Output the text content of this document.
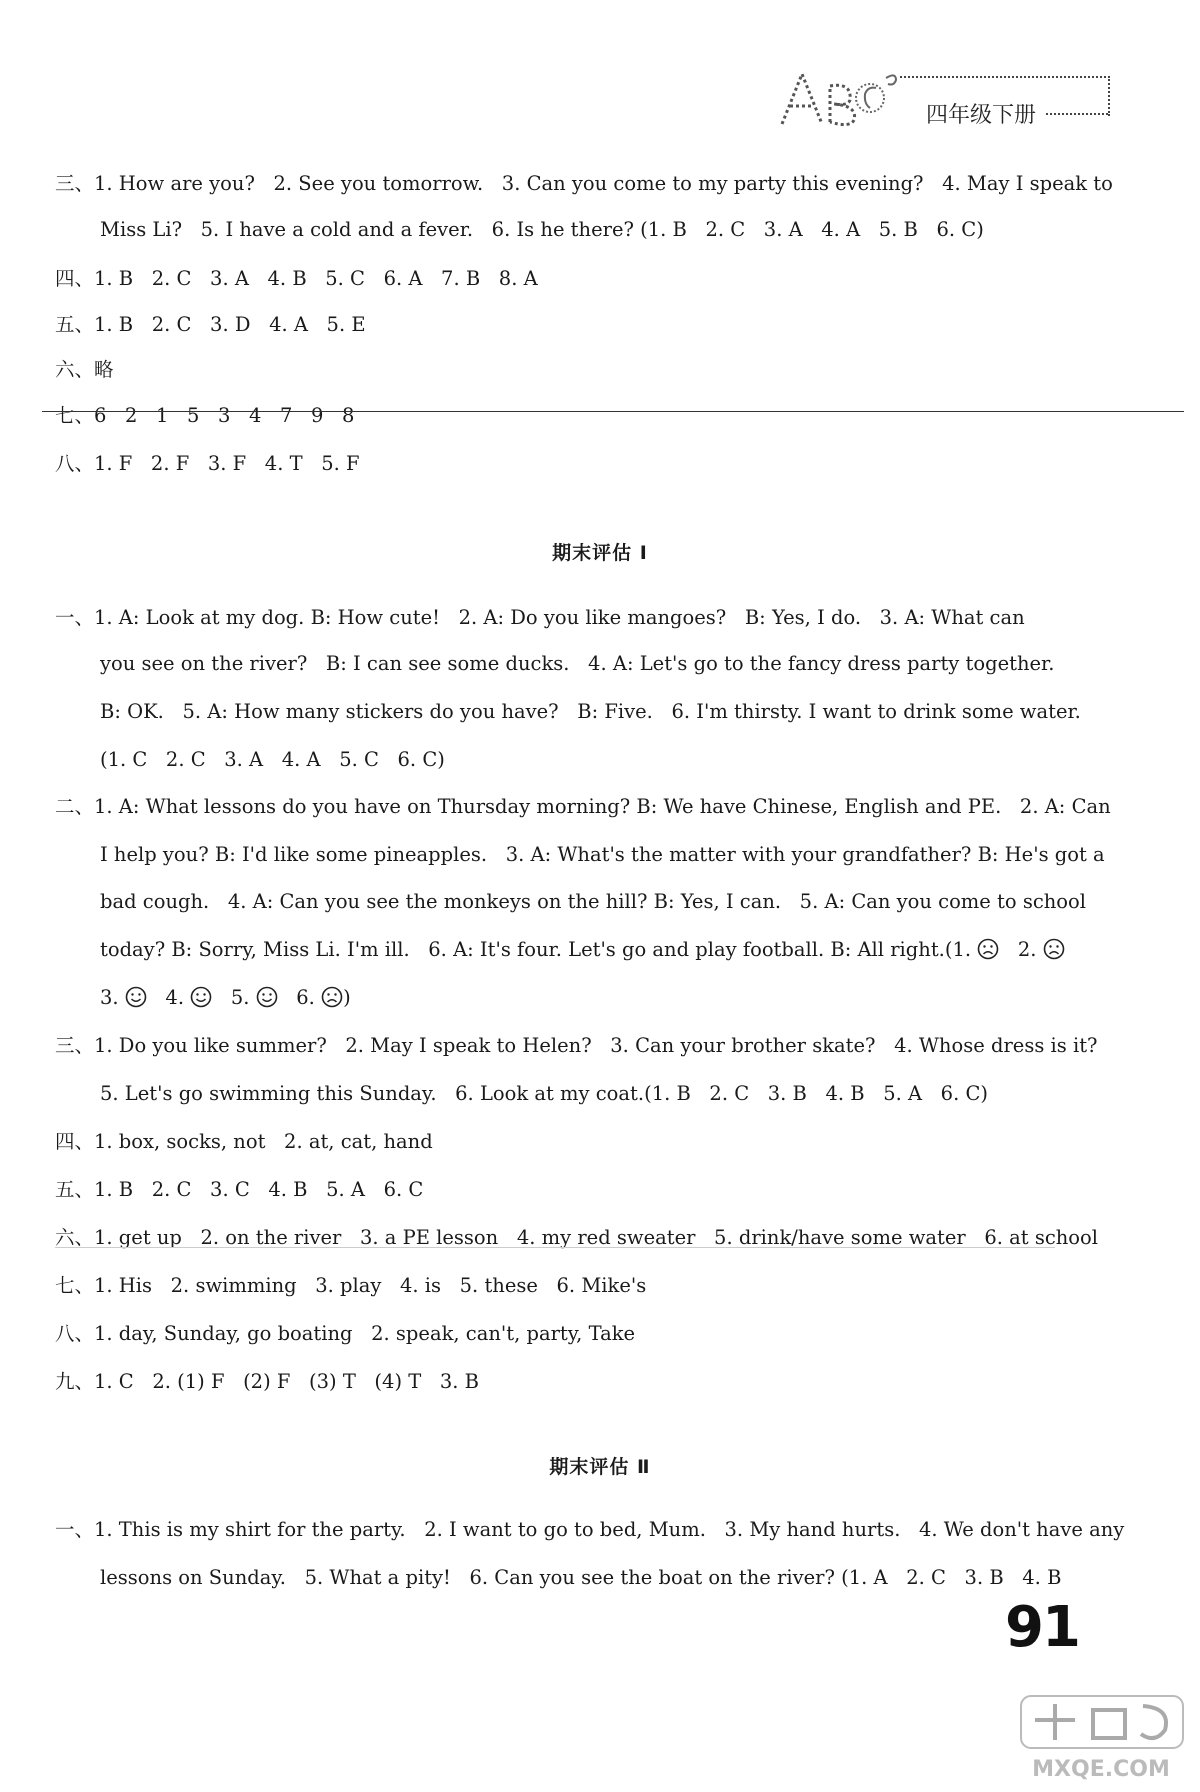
四年级下册
三、1. How are you?   2. See you tomorrow.   3. Can you come to my party this evening?   4. May I speak to
Miss Li?   5. I have a cold and a fever.   6. Is he there? (1. B   2. C   3. A   4. A   5. B   6. C)
四、1. B   2. C   3. A   4. B   5. C   6. A   7. B   8. A
五、1. B   2. C   3. D   4. A   5. E
六、略
七、6   2   1   5   3   4   7   9   8
八、1. F   2. F   3. F   4. T   5. F
期末评估 Ⅰ
一、1. A: Look at my dog. B: How cute!   2. A: Do you like mangoes?   B: Yes, I do.   3. A: What can
you see on the river?   B: I can see some ducks.   4. A: Let's go to the fancy dress party together.
B: OK.   5. A: How many stickers do you have?   B: Five.   6. I'm thirsty. I want to drink some water.
(1. C   2. C   3. A   4. A   5. C   6. C)
二、1. A: What lessons do you have on Thursday morning? B: We have Chinese, English and PE.   2. A: Can
I help you? B: I'd like some pineapples.   3. A: What's the matter with your grandfather? B: He's got a
bad cough.   4. A: Can you see the monkeys on the hill? B: Yes, I can.   5. A: Can you come to school
today? B: Sorry, Miss Li. I'm ill.   6. A: It's four. Let's go and play football. B: All right.(1. 2.
3. 4. 5. 6. )
三、1. Do you like summer?   2. May I speak to Helen?   3. Can your brother skate?   4. Whose dress is it?
5. Let's go swimming this Sunday.   6. Look at my coat.(1. B   2. C   3. B   4. B   5. A   6. C)
四、1. box, socks, not   2. at, cat, hand
五、1. B   2. C   3. C   4. B   5. A   6. C
六、1. get up   2. on the river   3. a PE lesson   4. my red sweater   5. drink/have some water   6. at school
七、1. His   2. swimming   3. play   4. is   5. these   6. Mike's
八、1. day, Sunday, go boating   2. speak, can't, party, Take
九、1. C   2. (1) F   (2) F   (3) T   (4) T   3. B
期末评估 Ⅱ
一、1. This is my shirt for the party.   2. I want to go to bed, Mum.   3. My hand hurts.   4. We don't have any
lessons on Sunday.   5. What a pity!   6. Can you see the boat on the river? (1. A   2. C   3. B   4. B
91
MXQE.COM
